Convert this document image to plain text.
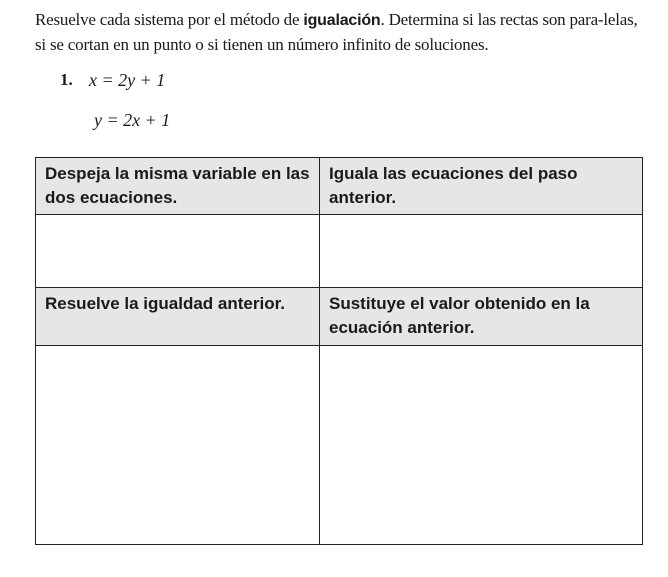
Resuelve cada sistema por el método de igualación. Determina si las rectas son para-lelas, si se cortan en un punto o si tienen un número infinito de soluciones.
1. x = 2y + 1
y = 2x + 1
Despeja la misma variable en las dos ecuaciones.	Iguala las ecuaciones del paso anterior.

Resuelve la igualdad anterior.	Sustituye el valor obtenido en la ecuación anterior.
